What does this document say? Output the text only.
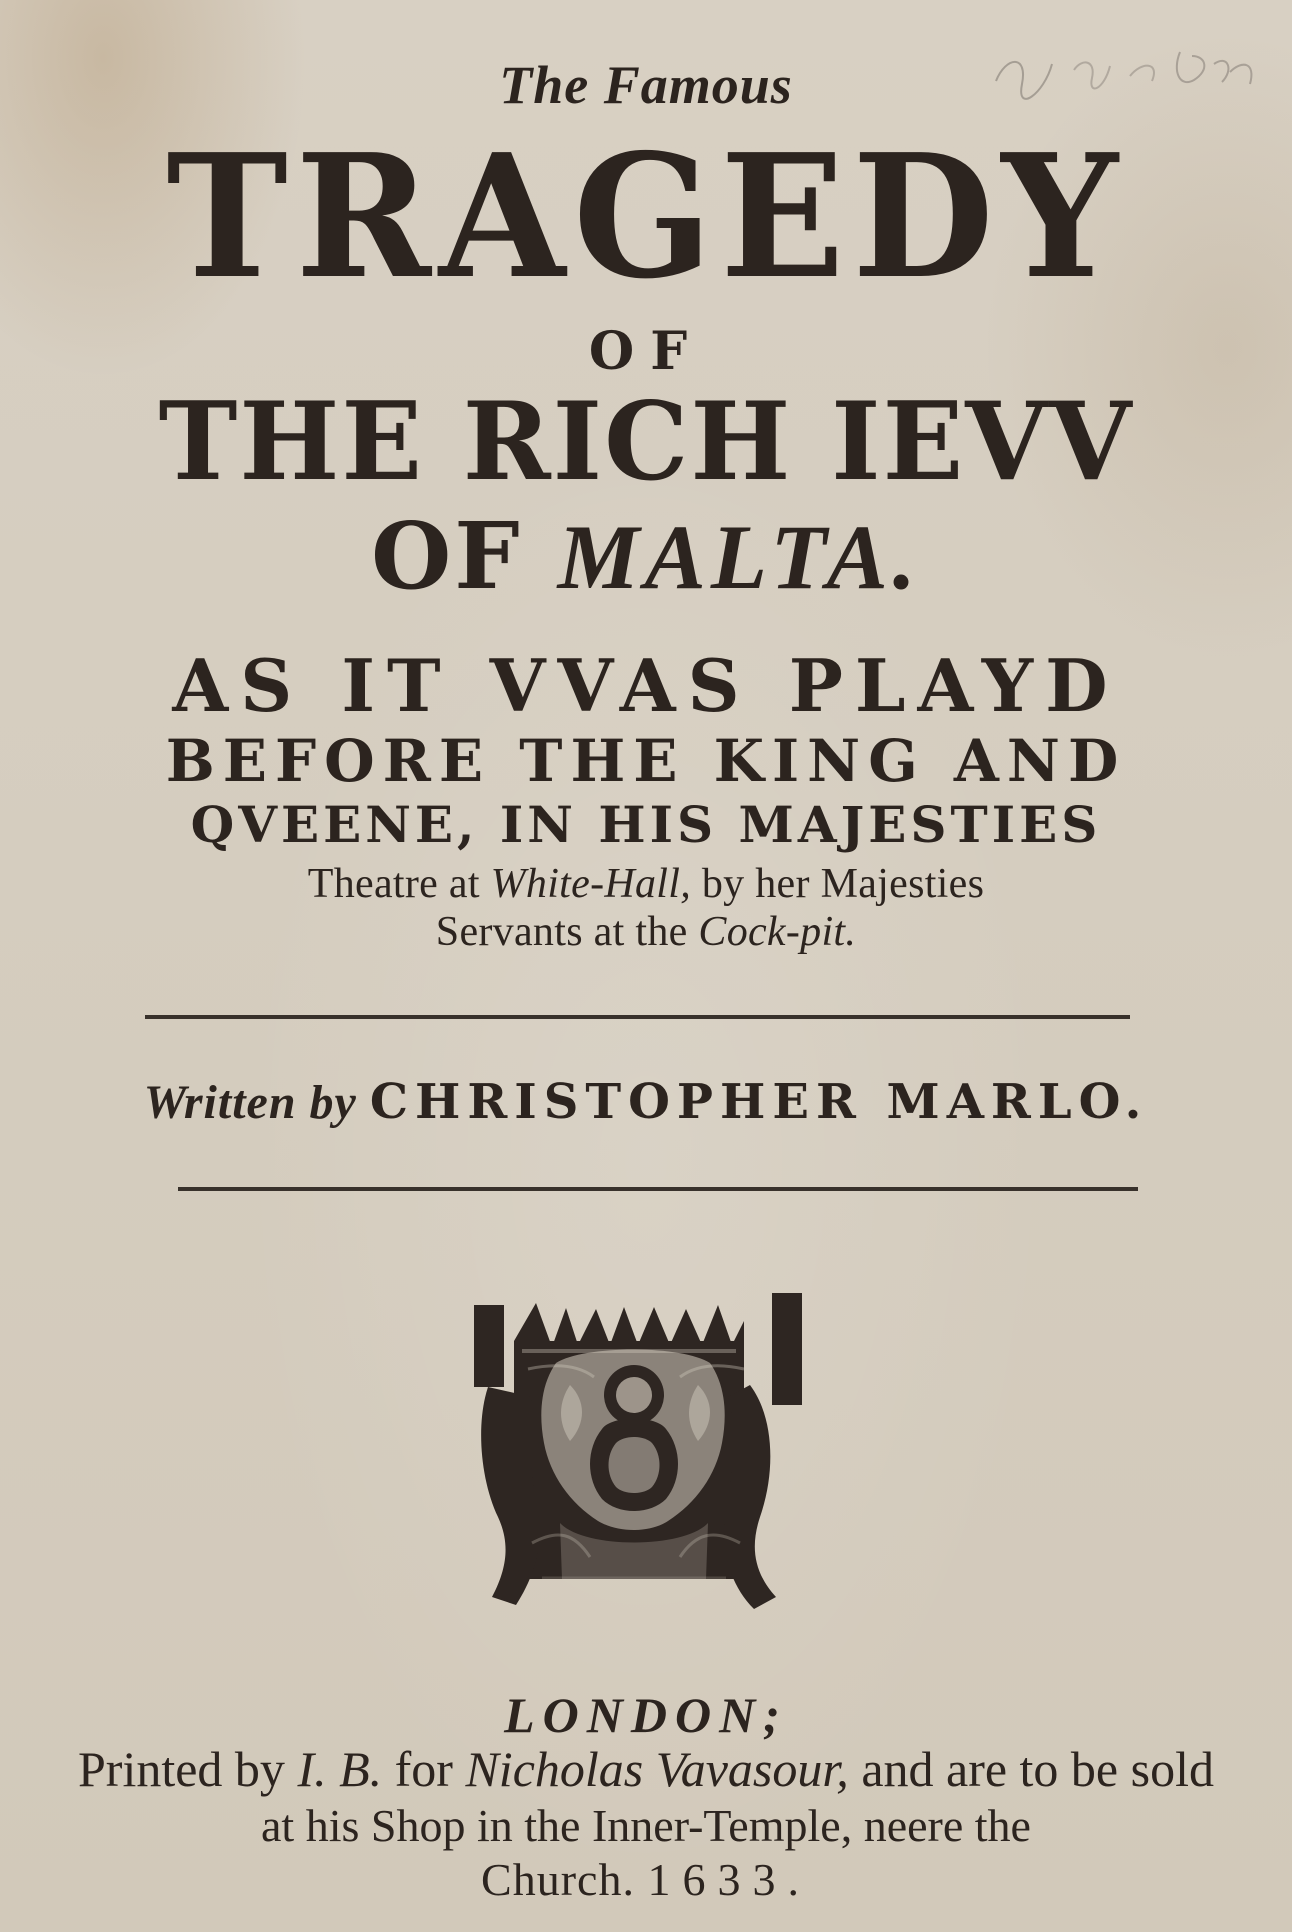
The Famous
TRAGEDY
OF
THE RICH IEVV
OF MALTA.
AS IT VVAS PLAYD
BEFORE THE KING AND
QVEENE, IN HIS MAJESTIES
Theatre at White-Hall, by her Majesties
Servants at the Cock-pit.
Written by CHRISTOPHER MARLO.
LONDON;
Printed by I. B. for Nicholas Vavasour, and are to be sold
at his Shop in the Inner-Temple, neere the
Church. 1633.
